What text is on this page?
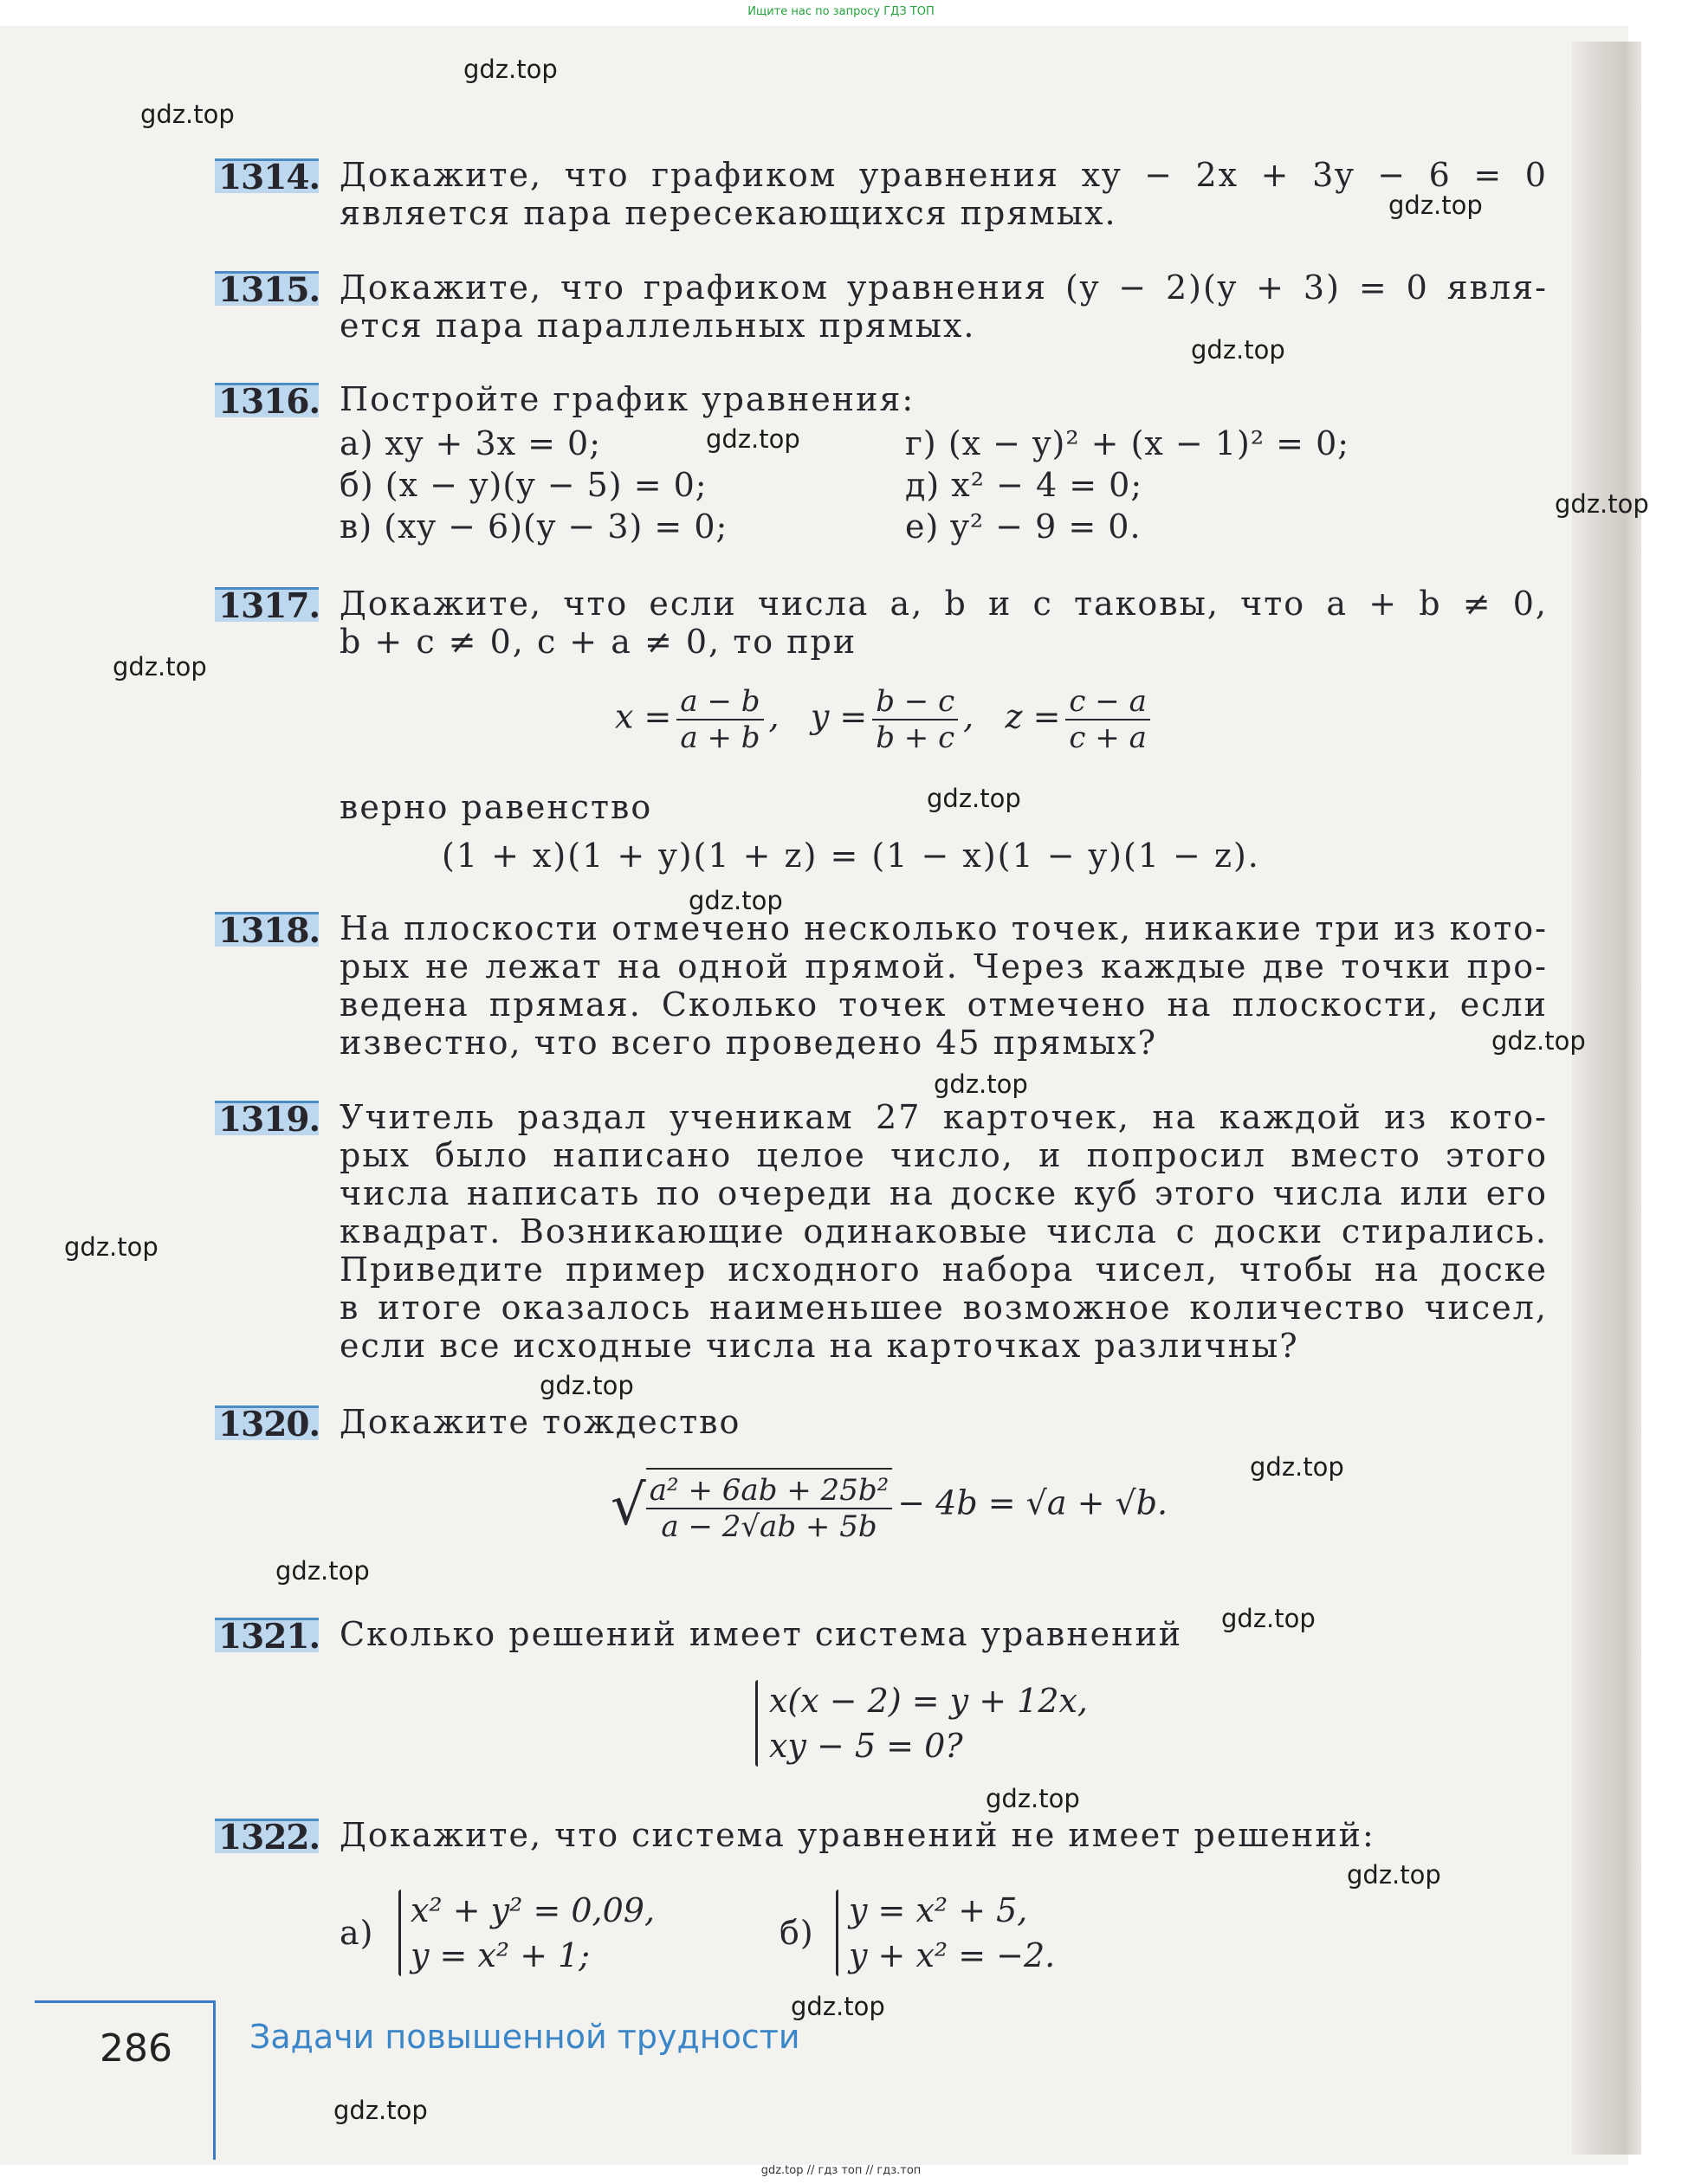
Ищите нас по запросу ГДЗ ТОП
gdz.top
gdz.top
gdz.top
gdz.top
gdz.top
gdz.top
gdz.top
gdz.top
gdz.top
gdz.top
gdz.top
gdz.top
gdz.top
gdz.top
gdz.top
gdz.top
gdz.top
gdz.top
gdz.top
gdz.top
1314. Докажите, что графиком уравнения xy − 2x + 3y − 6 = 0
является пара пересекающихся прямых.
1315. Докажите, что графиком уравнения (y − 2)(y + 3) = 0 явля-
ется пара параллельных прямых.
1316. Постройте график уравнения:
а) xy + 3x = 0;
б) (x − y)(y − 5) = 0;
в) (xy − 6)(y − 3) = 0;
г) (x − y)² + (x − 1)² = 0;
д) x² − 4 = 0;
е) y² − 9 = 0.
1317. Докажите, что если числа a, b и c таковы, что a + b ≠ 0,
b + c ≠ 0, c + a ≠ 0, то при
$x = \frac{a - b}{a + b}$ ,   $y = \frac{b - c}{b + c}$ ,   $z = \frac{c - a}{c + a}$
верно равенство
(1 + x)(1 + y)(1 + z) = (1 − x)(1 − y)(1 − z).
1318. На плоскости отмечено несколько точек, никакие три из кото-
рых не лежат на одной прямой. Через каждые две точки про-
ведена прямая. Сколько точек отмечено на плоскости, если
известно, что всего проведено 45 прямых?
1319. Учитель раздал ученикам 27 карточек, на каждой из кото-
рых было написано целое число, и попросил вместо этого
числа написать по очереди на доске куб этого числа или его
квадрат. Возникающие одинаковые числа с доски стирались.
Приведите пример исходного набора чисел, чтобы на доске
в итоге оказалось наименьшее возможное количество чисел,
если все исходные числа на карточках различны?
1320. Докажите тождество
√ $\frac{\text{a² + 6ab + 25b²}}{a - 2√ab + 5b} - 4b = √a + √b$.
1321. Сколько решений имеет система уравнений
x(x − 2) = y + 12x,
xy − 5 = 0?
1322. Докажите, что система уравнений не имеет решений:
а)
x² + y² = 0,09,
y = x² + 1;
б)
y = x² + 5,
y + x² = −2.
286 Задачи повышенной трудности
gdz.top // гдз топ // гдз.топ
